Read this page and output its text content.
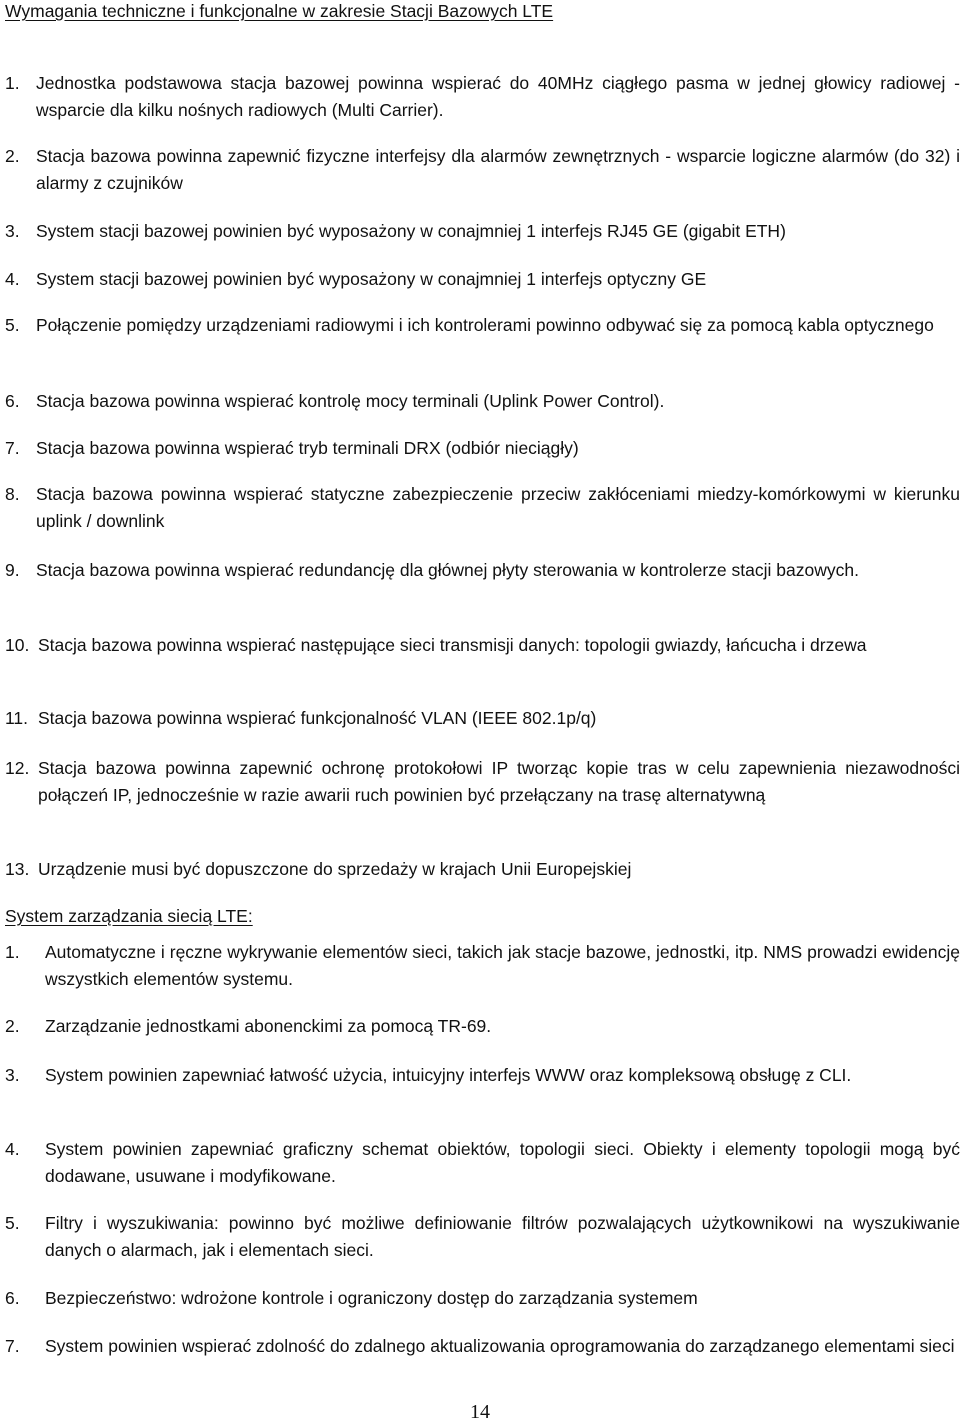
Wymagania techniczne i funkcjonalne w zakresie Stacji Bazowych LTE
1. Jednostka podstawowa stacja bazowej powinna wspierać do 40MHz ciągłego pasma w jednej głowicy radiowej - wsparcie dla kilku nośnych radiowych (Multi Carrier).
2. Stacja bazowa powinna zapewnić fizyczne interfejsy dla alarmów zewnętrznych - wsparcie logiczne alarmów (do 32) i alarmy z czujników
3. System stacji bazowej powinien być wyposażony w conajmniej 1 interfejs RJ45 GE (gigabit ETH)
4. System stacji bazowej powinien być wyposażony w conajmniej 1 interfejs optyczny GE
5. Połączenie pomiędzy urządzeniami radiowymi i ich kontrolerami powinno odbywać się za pomocą kabla optycznego
6. Stacja bazowa powinna wspierać kontrolę mocy terminali (Uplink Power Control).
7. Stacja bazowa powinna wspierać tryb terminali DRX (odbiór nieciągły)
8. Stacja bazowa powinna wspierać statyczne zabezpieczenie przeciw zakłóceniami miedzy-komórkowymi w kierunku uplink / downlink
9. Stacja bazowa powinna wspierać redundancję dla głównej płyty sterowania w kontrolerze stacji bazowych.
10. Stacja bazowa powinna wspierać następujące sieci transmisji danych: topologii gwiazdy, łańcucha i drzewa
11. Stacja bazowa powinna wspierać funkcjonalność VLAN (IEEE 802.1p/q)
12. Stacja bazowa powinna zapewnić ochronę protokołowi IP tworząc kopie tras w celu zapewnienia niezawodności połączeń IP, jednocześnie w razie awarii ruch powinien być przełączany na trasę alternatywną
13. Urządzenie musi być dopuszczone do sprzedaży w krajach Unii Europejskiej
System zarządzania siecią LTE:
1.	Automatyczne i ręczne wykrywanie elementów sieci, takich jak stacje bazowe, jednostki, itp. NMS prowadzi ewidencję wszystkich elementów systemu.
2.	Zarządzanie jednostkami abonenckimi za pomocą TR-69.
3.	System powinien zapewniać łatwość użycia, intuicyjny interfejs WWW oraz kompleksową obsługę z CLI.
4.	System powinien zapewniać graficzny schemat obiektów, topologii sieci. Obiekty i elementy topologii mogą być dodawane, usuwane i modyfikowane.
5.	Filtry i wyszukiwania: powinno być możliwe definiowanie filtrów pozwalających użytkownikowi na wyszukiwanie danych o alarmach, jak i elementach sieci.
6.	Bezpieczeństwo: wdrożone kontrole i ograniczony dostęp do zarządzania systemem
7.	System powinien wspierać zdolność do zdalnego aktualizowania oprogramowania do zarządzanego elementami sieci
14
